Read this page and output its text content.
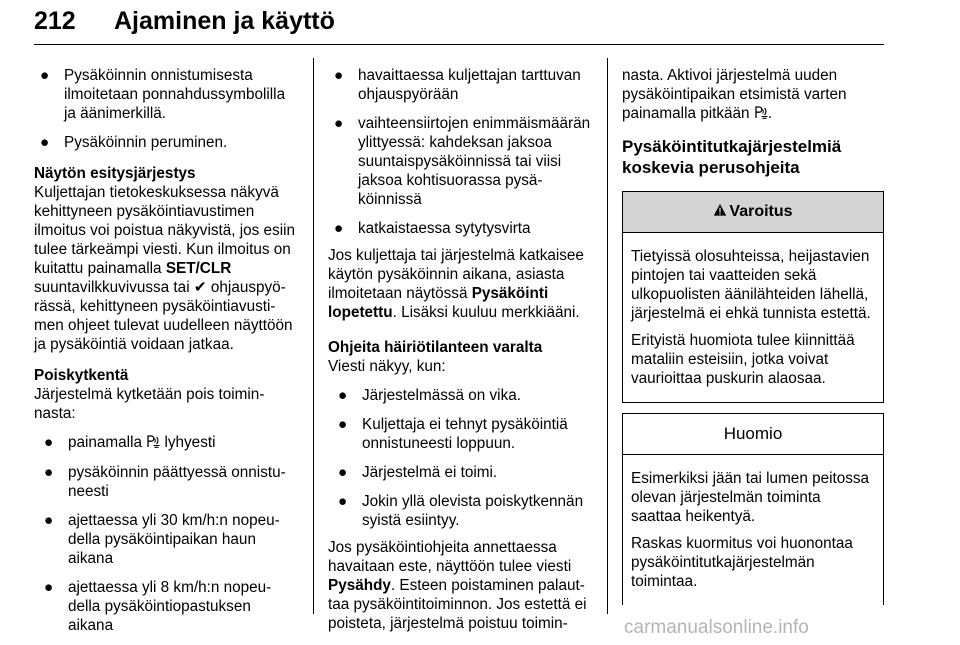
212 Ajaminen ja käyttö
● Pysäköinnin onnistumisesta ilmoitetaan ponnahdussymbolilla ja äänimerkillä.
● Pysäköinnin peruminen.
Näytön esitysjärjestys

Kuljettajan tietokeskuksessa näkyvä kehittyneen pysäköintiavustimen ilmoitus voi poistua näkyvistä, jos esiin tulee tärkeämpi viesti. Kun ilmoitus on kuitattu painamalla SET/CLR suuntavilkkuvivussa tai ✔ ohjauspyörässä, kehittyneen pysäköintiavustimen ohjeet tulevat uudelleen näyttöön ja pysäköintiä voidaan jatkaa.

Poiskytkentä

Järjestelmä kytketään pois toiminnasta:

● painamalla  lyhyesti
● pysäköinnin päättyessä onnistuneesti
● ajettaessa yli 30 km/h:n nopeudella pysäköintipaikan haun aikana
● ajettaessa yli 8 km/h:n nopeudella pysäköintiopastuksen aikana
● havaittaessa kuljettajan tarttuvan ohjauspyörään
● vaihteensiirtojen enimmäismäärän ylittyessä: kahdeksan jaksoa suuntaispysäköinnissä tai viisi jaksoa kohtisuorassa pysäköinnissä
● katkaistaessa sytytysvirta

Jos kuljettaja tai järjestelmä katkaisee käytön pysäköinnin aikana, asiasta ilmoitetaan näytössä Pysäköinti lopetettu. Lisäksi kuuluu merkkiääni.

Ohjeita häiriötilanteen varalta

Viesti näkyy, kun:

● Järjestelmässä on vika.
● Kuljettaja ei tehnyt pysäköintiä onnistuneesti loppuun.
● Järjestelmä ei toimi.
● Jokin yllä olevista poiskytkennän syistä esiintyy.

Jos pysäköintiohjeita annettaessa havaitaan este, näyttöön tulee viesti Pysähdy. Esteen poistaminen palauttaa pysäköintitoiminnon. Jos estettä ei poisteta, järjestelmä poistuu toimin-

nasta. Aktivoi järjestelmä uuden pysäköintipaikan etsimistä varten painamalla pitkään .

Pysäköintitutkajärjestelmiä koskevia perusohjeita
Varoitus

Tietyissä olosuhteissa, heijastavien pintojen tai vaatteiden sekä ulkopuolisten äänilähteiden lähellä, järjestelmä ei ehkä tunnista estettä.

Erityistä huomiota tulee kiinnittää mataliin esteisiin, jotka voivat vaurioittaa puskurin alaosaa.

Huomio

Esimerkiksi jään tai lumen peitossa olevan järjestelmän toiminta saattaa heikentyä.

Raskas kuormitus voi huonontaa pysäköintitutkajärjestelmän toimintaa.

carmanualsonline.info
